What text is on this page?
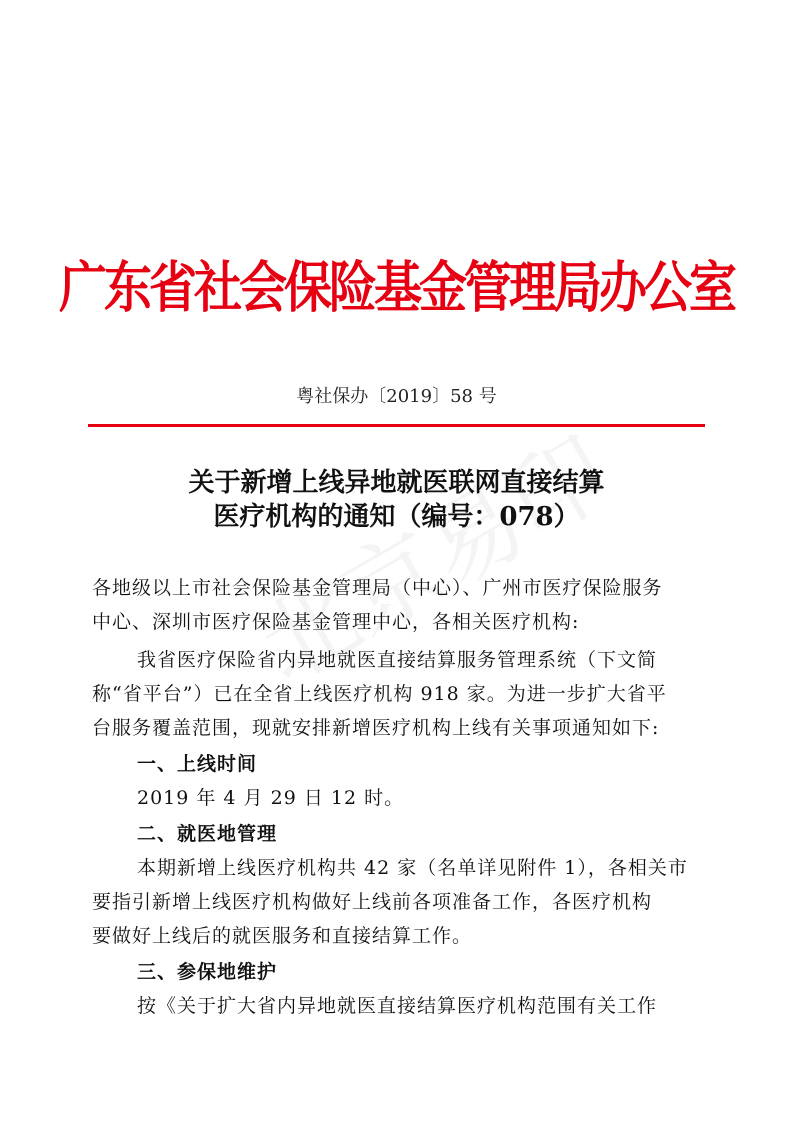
广东省社会保险基金管理局办公室
粤社保办〔2019〕58 号
关于新增上线异地就医联网直接结算
医疗机构的通知（编号：078）
各地级以上市社会保险基金管理局（中心）、广州市医疗保险服务
中心、深圳市医疗保险基金管理中心，各相关医疗机构:
我省医疗保险省内异地就医直接结算服务管理系统（下文简
称“省平台”）已在全省上线医疗机构 918 家。为进一步扩大省平
台服务覆盖范围，现就安排新增医疗机构上线有关事项通知如下:
一、上线时间
2019 年 4 月 29 日 12 时。
二、就医地管理
本期新增上线医疗机构共 42 家（名单详见附件 1），各相关市
要指引新增上线医疗机构做好上线前各项准备工作，各医疗机构
要做好上线后的就医服务和直接结算工作。
三、参保地维护
按《关于扩大省内异地就医直接结算医疗机构范围有关工作
